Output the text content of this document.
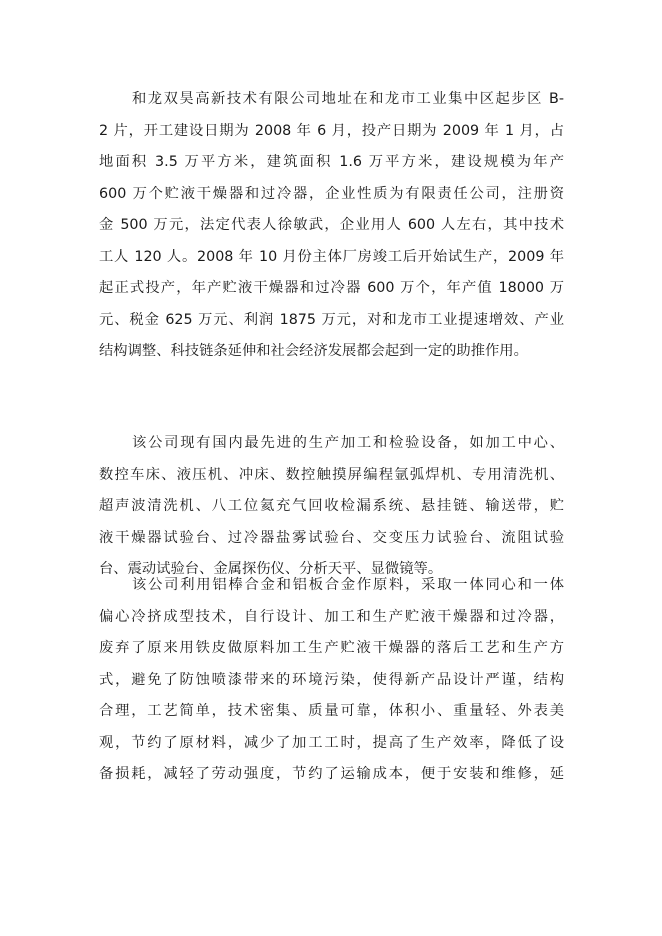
和龙双昊高新技术有限公司地址在和龙市工业集中区起步区 B-
2 片，开工建设日期为 2008 年 6 月，投产日期为 2009 年 1 月，占
地面积 3.5 万平方米，建筑面积 1.6 万平方米，建设规模为年产
600 万个贮液干燥器和过冷器，企业性质为有限责任公司，注册资
金 500 万元，法定代表人徐敏武，企业用人 600 人左右，其中技术
工人 120 人。2008 年 10 月份主体厂房竣工后开始试生产，2009 年
起正式投产，年产贮液干燥器和过冷器 600 万个，年产值 18000 万
元、税金 625 万元、利润 1875 万元，对和龙市工业提速增效、产业
结构调整、科技链条延伸和社会经济发展都会起到一定的助推作用。
该公司现有国内最先进的生产加工和检验设备，如加工中心、
数控车床、液压机、冲床、数控触摸屏编程氩弧焊机、专用清洗机、
超声波清洗机、八工位氦充气回收检漏系统、悬挂链、输送带，贮
液干燥器试验台、过冷器盐雾试验台、交变压力试验台、流阻试验
台、震动试验台、金属探伤仪、分析天平、显微镜等。
该公司利用铝棒合金和铝板合金作原料，采取一体同心和一体
偏心冷挤成型技术，自行设计、加工和生产贮液干燥器和过冷器，
废弃了原来用铁皮做原料加工生产贮液干燥器的落后工艺和生产方
式，避免了防蚀喷漆带来的环境污染，使得新产品设计严谨，结构
合理，工艺简单，技术密集、质量可靠，体积小、重量轻、外表美
观，节约了原材料，减少了加工工时，提高了生产效率，降低了设
备损耗，减轻了劳动强度，节约了运输成本，便于安装和维修，延
